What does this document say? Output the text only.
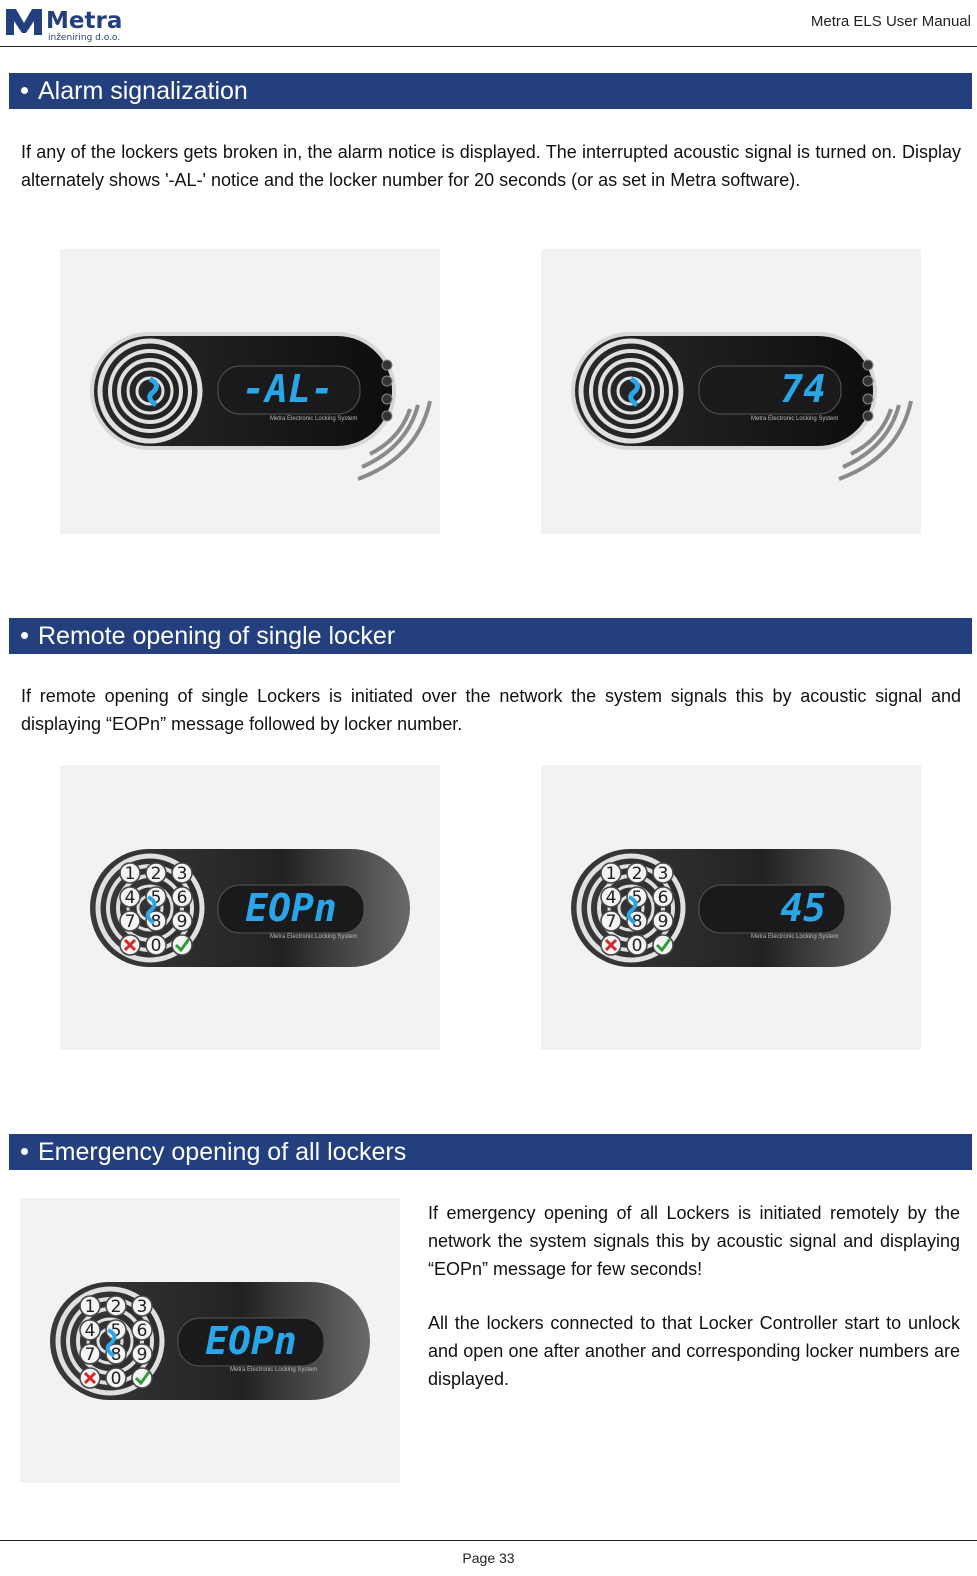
Metra
inženiring d.o.o.
Metra ELS User Manual
Alarm signalization

If any of the lockers gets broken in, the alarm notice is displayed. The interrupted acoustic signal is turned on. Display alternately shows '-AL-' notice and the locker number for 20 seconds (or as set in Metra software).

-AL-
Metra Electronic Locking System
74
Metra Electronic Locking System
Remote opening of single locker

If remote opening of single Lockers is initiated over the network the system signals this by acoustic signal and displaying “EOPn” message followed by locker number.

1 2 3
4 5 6
7 8 9
0
EOPn
Metra Electronic Locking System
1 2 3
4 5 6
7 8 9
0
45
Metra Electronic Locking System
Emergency opening of all lockers
1 2 3
4 5 6
7 8 9
0
EOPn
Metra Electronic Locking System

If emergency opening of all Lockers is initiated remotely by the network the system signals this by acoustic signal and displaying “EOPn” message for few seconds!

All the lockers connected to that Locker Controller start to unlock and open one after another and corresponding locker numbers are displayed.

Page 33
